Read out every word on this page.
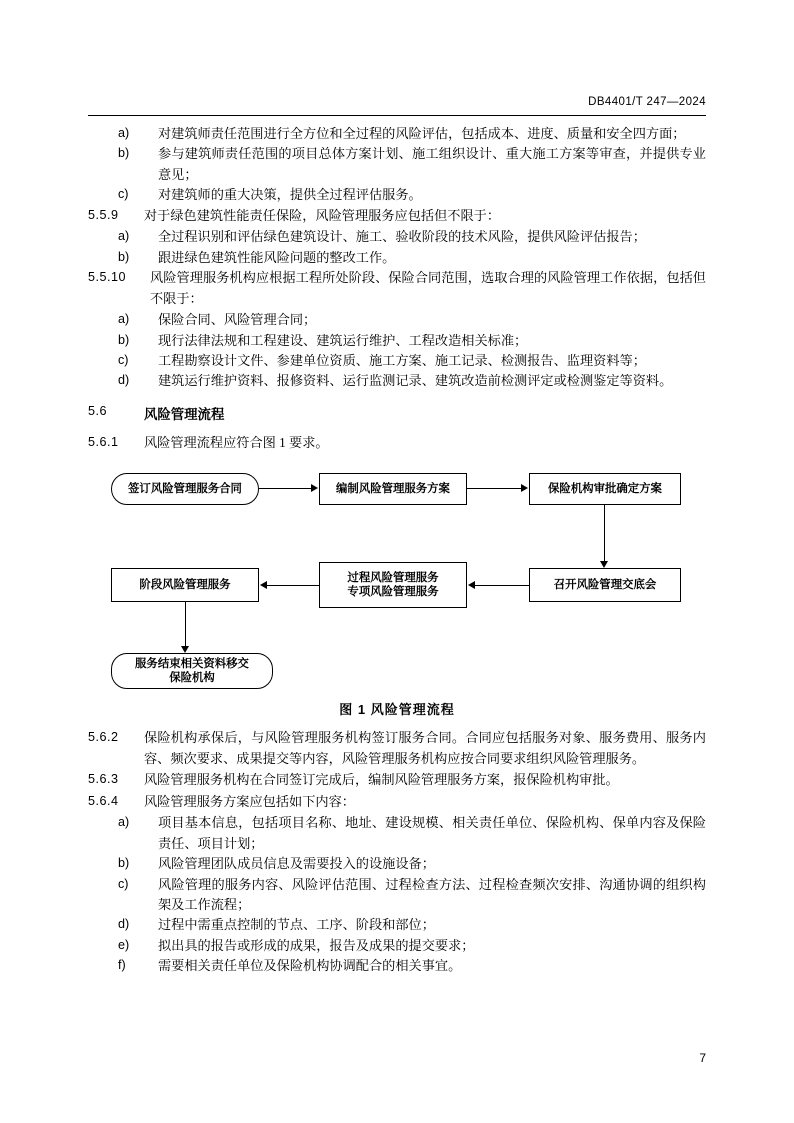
DB4401/T 247—2024
a)	对建筑师责任范围进行全方位和全过程的风险评估，包括成本、进度、质量和安全四方面；
b)	参与建筑师责任范围的项目总体方案计划、施工组织设计、重大施工方案等审查，并提供专业意见；
c)	对建筑师的重大决策，提供全过程评估服务。
5.5.9	对于绿色建筑性能责任保险，风险管理服务应包括但不限于：
a)	全过程识别和评估绿色建筑设计、施工、验收阶段的技术风险，提供风险评估报告；
b)	跟进绿色建筑性能风险问题的整改工作。
5.5.10	风险管理服务机构应根据工程所处阶段、保险合同范围，选取合理的风险管理工作依据，包括但不限于：
a)	保险合同、风险管理合同；
b)	现行法律法规和工程建设、建筑运行维护、工程改造相关标准；
c)	工程勘察设计文件、参建单位资质、施工方案、施工记录、检测报告、监理资料等；
d)	建筑运行维护资料、报修资料、运行监测记录、建筑改造前检测评定或检测鉴定等资料。
5.6	风险管理流程
5.6.1	风险管理流程应符合图 1 要求。
签订风险管理服务合同	编制风险管理服务方案	保险机构审批确定方案
召开风险管理交底会
过程风险管理服务
专项风险管理服务
阶段风险管理服务
服务结束相关资料移交
保险机构
图 1 风险管理流程
5.6.2	保险机构承保后，与风险管理服务机构签订服务合同。合同应包括服务对象、服务费用、服务内容、频次要求、成果提交等内容，风险管理服务机构应按合同要求组织风险管理服务。
5.6.3	风险管理服务机构在合同签订完成后，编制风险管理服务方案，报保险机构审批。
5.6.4	风险管理服务方案应包括如下内容：
a)	项目基本信息，包括项目名称、地址、建设规模、相关责任单位、保险机构、保单内容及保险责任、项目计划；
b)	风险管理团队成员信息及需要投入的设施设备；
c)	风险管理的服务内容、风险评估范围、过程检查方法、过程检查频次安排、沟通协调的组织构架及工作流程；
d)	过程中需重点控制的节点、工序、阶段和部位；
e)	拟出具的报告或形成的成果，报告及成果的提交要求；
f)	需要相关责任单位及保险机构协调配合的相关事宜。
7
